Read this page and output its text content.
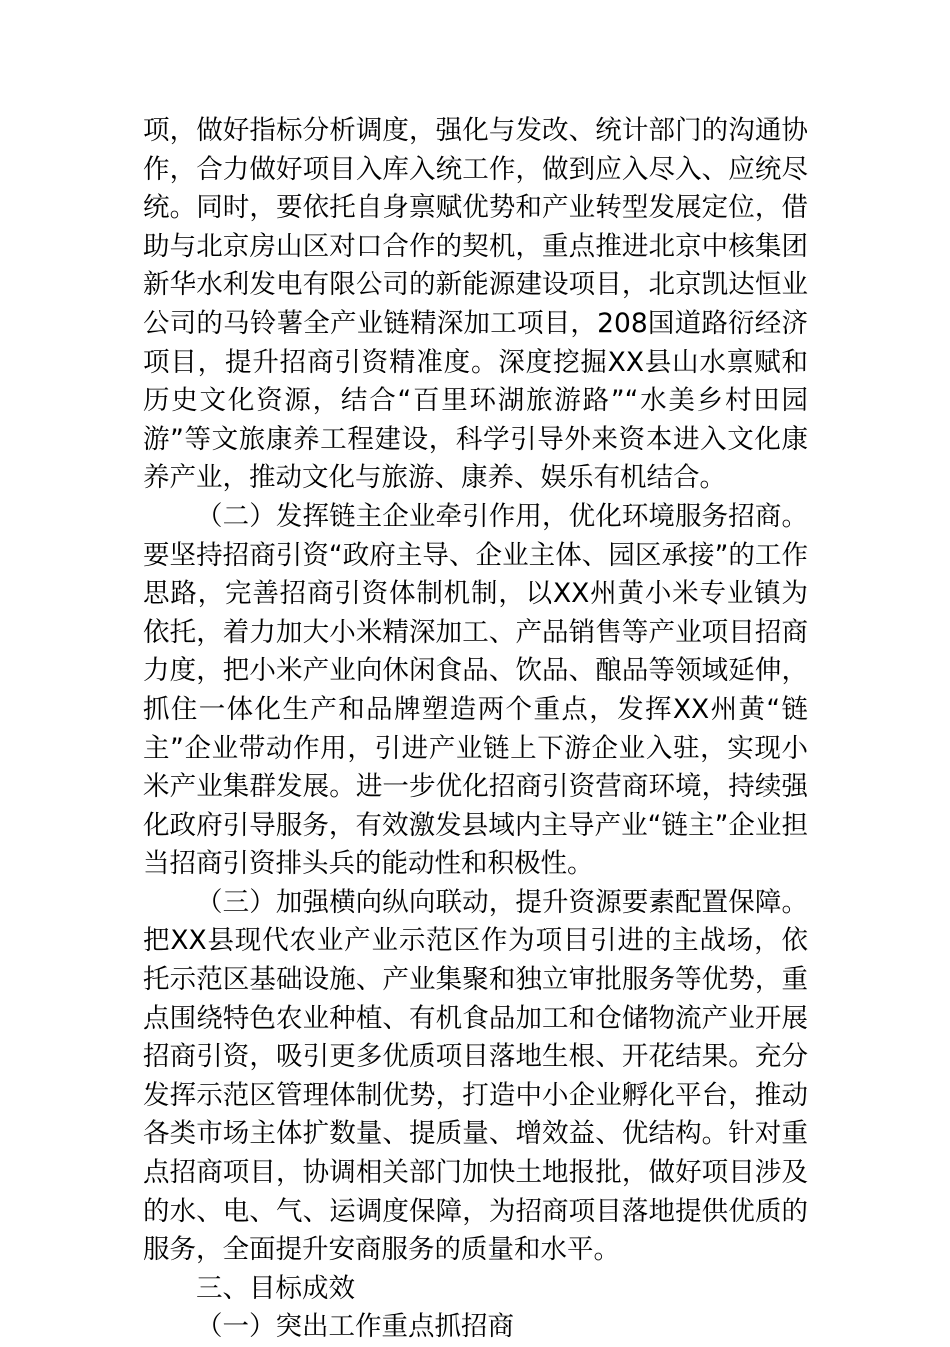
项，做好指标分析调度，强化与发改、统计部门的沟通协作，合力做好项目入库入统工作，做到应入尽入、应统尽统。同时，要依托自身禀赋优势和产业转型发展定位，借助与北京房山区对口合作的契机，重点推进北京中核集团新华水利发电有限公司的新能源建设项目，北京凯达恒业公司的马铃薯全产业链精深加工项目，208国道路衍经济项目，提升招商引资精准度。深度挖掘XX县山水禀赋和历史文化资源，结合“百里环湖旅游路”“水美乡村田园游”等文旅康养工程建设，科学引导外来资本进入文化康养产业，推动文化与旅游、康养、娱乐有机结合。

（二）发挥链主企业牵引作用，优化环境服务招商。要坚持招商引资“政府主导、企业主体、园区承接”的工作思路，完善招商引资体制机制，以XX州黄小米专业镇为依托，着力加大小米精深加工、产品销售等产业项目招商力度，把小米产业向休闲食品、饮品、酿品等领域延伸，抓住一体化生产和品牌塑造两个重点，发挥XX州黄“链主”企业带动作用，引进产业链上下游企业入驻，实现小米产业集群发展。进一步优化招商引资营商环境，持续强化政府引导服务，有效激发县域内主导产业“链主”企业担当招商引资排头兵的能动性和积极性。

（三）加强横向纵向联动，提升资源要素配置保障。把XX县现代农业产业示范区作为项目引进的主战场，依托示范区基础设施、产业集聚和独立审批服务等优势，重点围绕特色农业种植、有机食品加工和仓储物流产业开展招商引资，吸引更多优质项目落地生根、开花结果。充分发挥示范区管理体制优势，打造中小企业孵化平台，推动各类市场主体扩数量、提质量、增效益、优结构。针对重点招商项目，协调相关部门加快土地报批，做好项目涉及的水、电、气、运调度保障，为招商项目落地提供优质的服务，全面提升安商服务的质量和水平。

三、目标成效

（一）突出工作重点抓招商
